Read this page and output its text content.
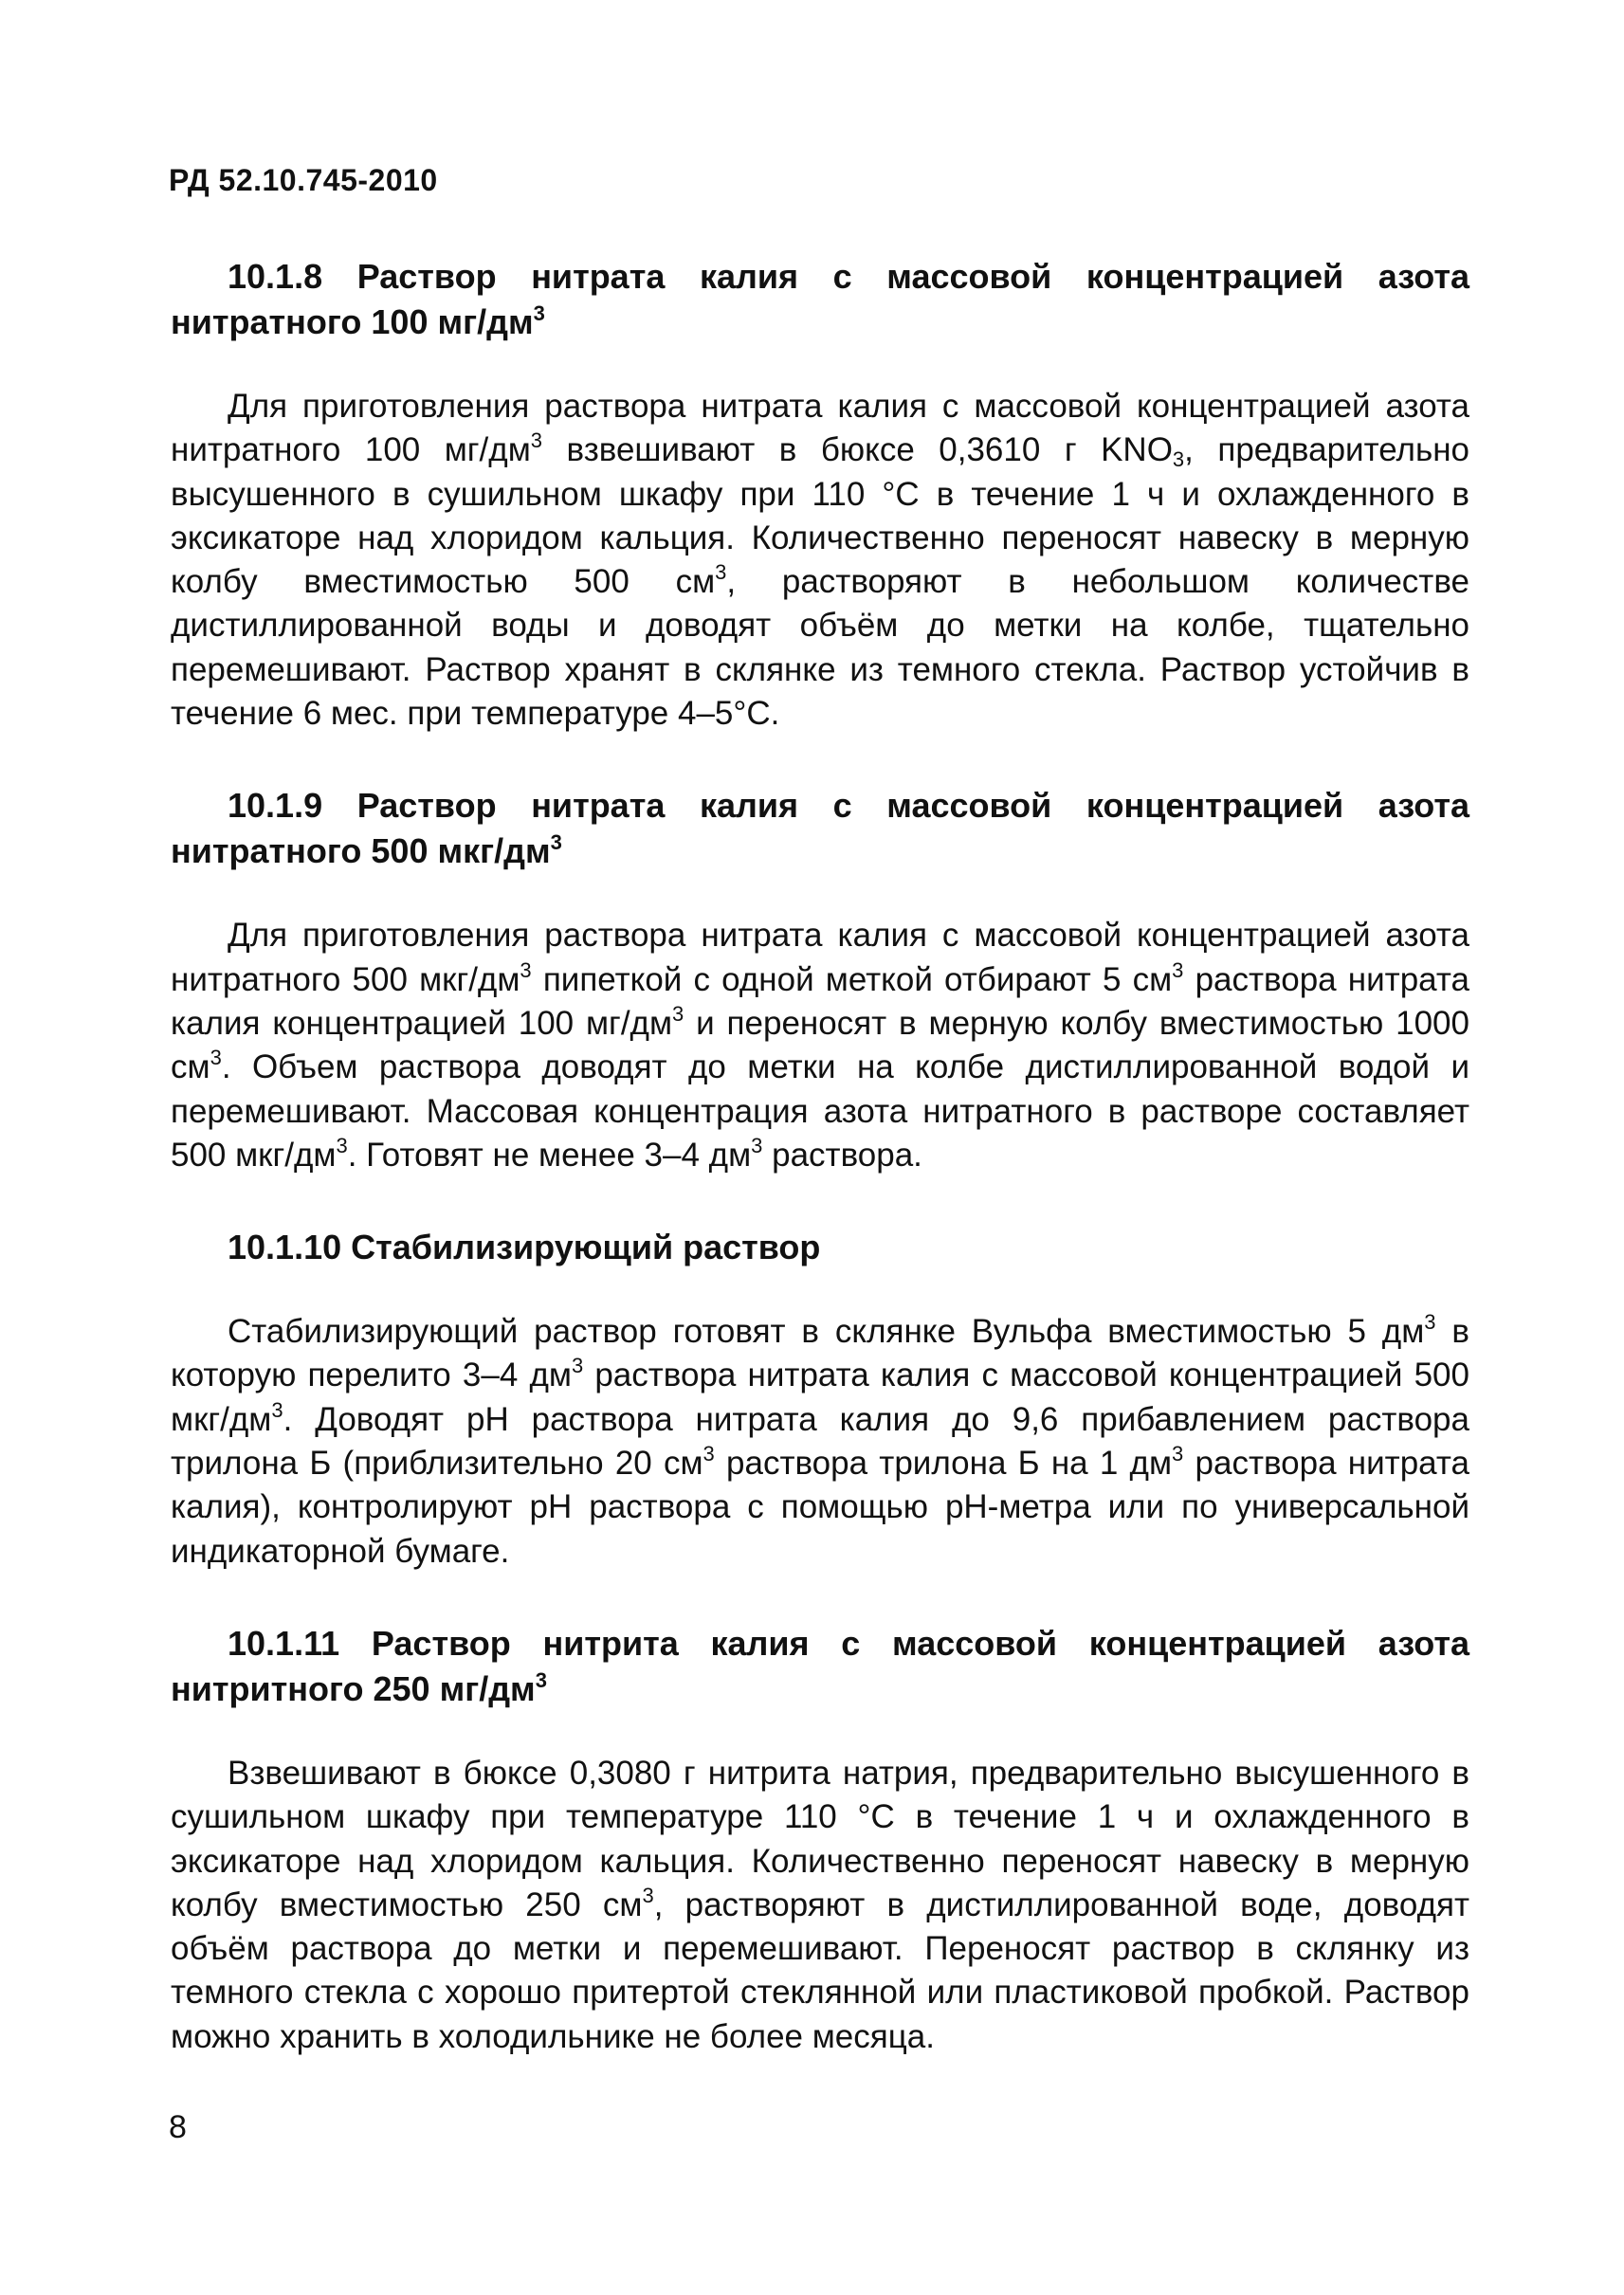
РД 52.10.745-2010

10.1.8 Раствор нитрата калия с массовой концентрацией азота нитратного 100 $мг/дм^3$

Для приготовления раствора нитрата калия с массовой концентрацией азота нитратного 100 $мг/дм^3$ взвешивают в бюксе 0,3610 г $KNO_3$, предварительно высушенного в сушильном шкафу при 110 °С в течение 1 ч и охлажденного в эксикаторе над хлоридом кальция. Количественно переносят навеску в мерную колбу вместимостью 500 $см^3$, растворяют в небольшом количестве дистиллированной воды и доводят объём до метки на колбе, тщательно перемешивают. Раствор хранят в склянке из темного стекла. Раствор устойчив в течение 6 мес. при температуре 4–5°С.

10.1.9 Раствор нитрата калия с массовой концентрацией азота нитратного 500 мкг/$дм^3$

Для приготовления раствора нитрата калия с массовой концентрацией азота нитратного 500 мкг/$дм^3$ пипеткой с одной меткой отбирают 5 $см^3$ раствора нитрата калия концентрацией 100 $мг/дм^3$ и переносят в мерную колбу вместимостью 1000 $см^3$. Объем раствора доводят до метки на колбе дистиллированной водой и перемешивают. Массовая концентрация азота нитратного в растворе составляет 500 мкг/$дм^3$. Готовят не менее 3–4 $дм^3$ раствора.

10.1.10 Стабилизирующий раствор

Стабилизирующий раствор готовят в склянке Вульфа вместимостью 5 $дм^3$ в которую перелито 3–4 $дм^3$ раствора нитрата калия с массовой концентрацией 500 мкг/$дм^3$. Доводят pH раствора нитрата калия до 9,6 прибавлением раствора трилона Б (приблизительно 20 $см^3$ раствора трилона Б на 1 $дм^3$ раствора нитрата калия), контролируют pH раствора с помощью pH-метра или по универсальной индикаторной бумаге.

10.1.11 Раствор нитрита калия с массовой концентрацией азота нитритного 250 $мг/дм^3$

Взвешивают в бюксе 0,3080 г нитрита натрия, предварительно высушенного в сушильном шкафу при температуре 110 °С в течение 1 ч и охлажденного в эксикаторе над хлоридом кальция. Количественно переносят навеску в мерную колбу вместимостью 250 $см^3$, растворяют в дистиллированной воде, доводят объём раствора до метки и перемешивают. Переносят раствор в склянку из темного стекла с хорошо притертой стеклянной или пластиковой пробкой. Раствор можно хранить в холодильнике не более месяца.

8
